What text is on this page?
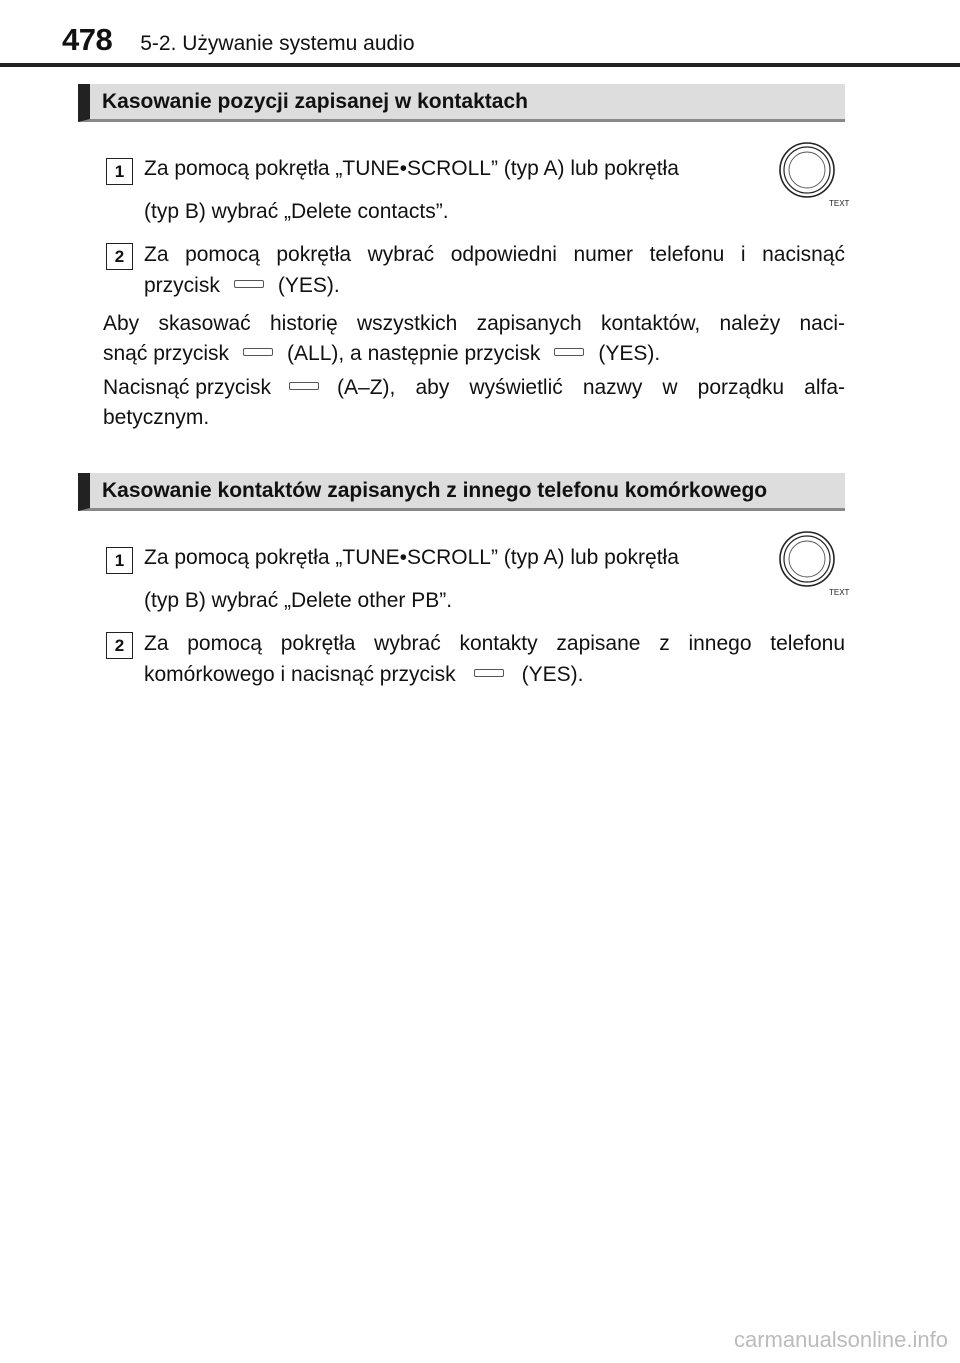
478 5-2. Używanie systemu audio
Kasowanie pozycji zapisanej w kontaktach
1 Za pomocą pokrętła „TUNE•SCROLL” (typ A) lub pokrętła
(typ B) wybrać „Delete contacts”.	TEXT
2 Za pomocą pokrętła wybrać odpowiedni numer telefonu i nacisnąć
przycisk	(YES).
Aby skasować historię wszystkich zapisanych kontaktów, należy naci-
snąć przycisk	(ALL), a następnie przycisk	(YES).
Nacisnąć przycisk	(A–Z), aby wyświetlić nazwy w porządku alfa-
betycznym.
Kasowanie kontaktów zapisanych z innego telefonu komórkowego
1 Za pomocą pokrętła „TUNE•SCROLL” (typ A) lub pokrętła
(typ B) wybrać „Delete other PB”.	TEXT
2 Za pomocą pokrętła wybrać kontakty zapisane z innego telefonu
komórkowego i nacisnąć przycisk	(YES).
carmanualsonline.info
